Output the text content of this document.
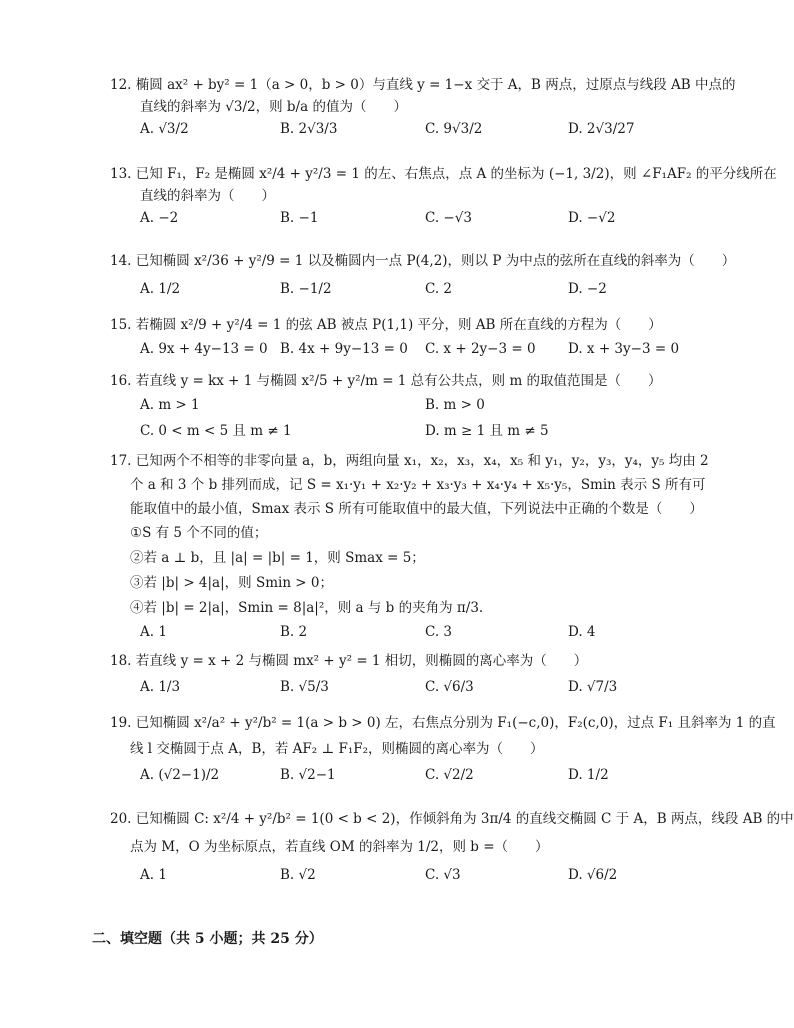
12. 椭圆 ax² + by² = 1（a > 0，b > 0）与直线 y = 1−x 交于 A，B 两点，过原点与线段 AB 中点的
直线的斜率为 √3/2，则 b/a 的值为（　　）
A. √3/2	B. 2√3/3	C. 9√3/2	D. 2√3/27
13. 已知 F₁，F₂ 是椭圆 x²/4 + y²/3 = 1 的左、右焦点，点 A 的坐标为 (−1, 3/2)，则 ∠F₁AF₂ 的平分线所在
直线的斜率为（　　）
A. −2	B. −1	C. −√3	D. −√2
14. 已知椭圆 x²/36 + y²/9 = 1 以及椭圆内一点 P(4,2)，则以 P 为中点的弦所在直线的斜率为（　　）
A. 1/2	B. −1/2	C. 2	D. −2
15. 若椭圆 x²/9 + y²/4 = 1 的弦 AB 被点 P(1,1) 平分，则 AB 所在直线的方程为（　　）
A. 9x + 4y−13 = 0 B. 4x + 9y−13 = 0 C. x + 2y−3 = 0 D. x + 3y−3 = 0
16. 若直线 y = kx + 1 与椭圆 x²/5 + y²/m = 1 总有公共点，则 m 的取值范围是（　　）
A. m > 1	B. m > 0
C. 0 < m < 5 且 m ≠ 1	D. m ≥ 1 且 m ≠ 5
17. 已知两个不相等的非零向量 a，b，两组向量 x₁，x₂，x₃，x₄，x₅ 和 y₁，y₂，y₃，y₄，y₅ 均由 2
个 a 和 3 个 b 排列而成，记 S = x₁·y₁ + x₂·y₂ + x₃·y₃ + x₄·y₄ + x₅·y₅，Smin 表示 S 所有可
能取值中的最小值，Smax 表示 S 所有可能取值中的最大值，下列说法中正确的个数是（　　）
①S 有 5 个不同的值；
②若 a ⊥ b，且 |a| = |b| = 1，则 Smax = 5；
③若 |b| > 4|a|，则 Smin > 0；
④若 |b| = 2|a|，Smin = 8|a|²，则 a 与 b 的夹角为 π/3.
A. 1	B. 2	C. 3	D. 4
18. 若直线 y = x + 2 与椭圆 mx² + y² = 1 相切，则椭圆的离心率为（　　）
A. 1/3	B. √5/3	C. √6/3	D. √7/3
19. 已知椭圆 x²/a² + y²/b² = 1(a > b > 0) 左，右焦点分别为 F₁(−c,0)，F₂(c,0)，过点 F₁ 且斜率为 1 的直
线 l 交椭圆于点 A，B，若 AF₂ ⊥ F₁F₂，则椭圆的离心率为（　　）
A. (√2−1)/2	B. √2−1	C. √2/2	D. 1/2
20. 已知椭圆 C: x²/4 + y²/b² = 1(0 < b < 2)，作倾斜角为 3π/4 的直线交椭圆 C 于 A，B 两点，线段 AB 的中
点为 M，O 为坐标原点，若直线 OM 的斜率为 1/2，则 b =（　　）
A. 1	B. √2	C. √3	D. √6/2
二、填空题（共 5 小题；共 25 分）
